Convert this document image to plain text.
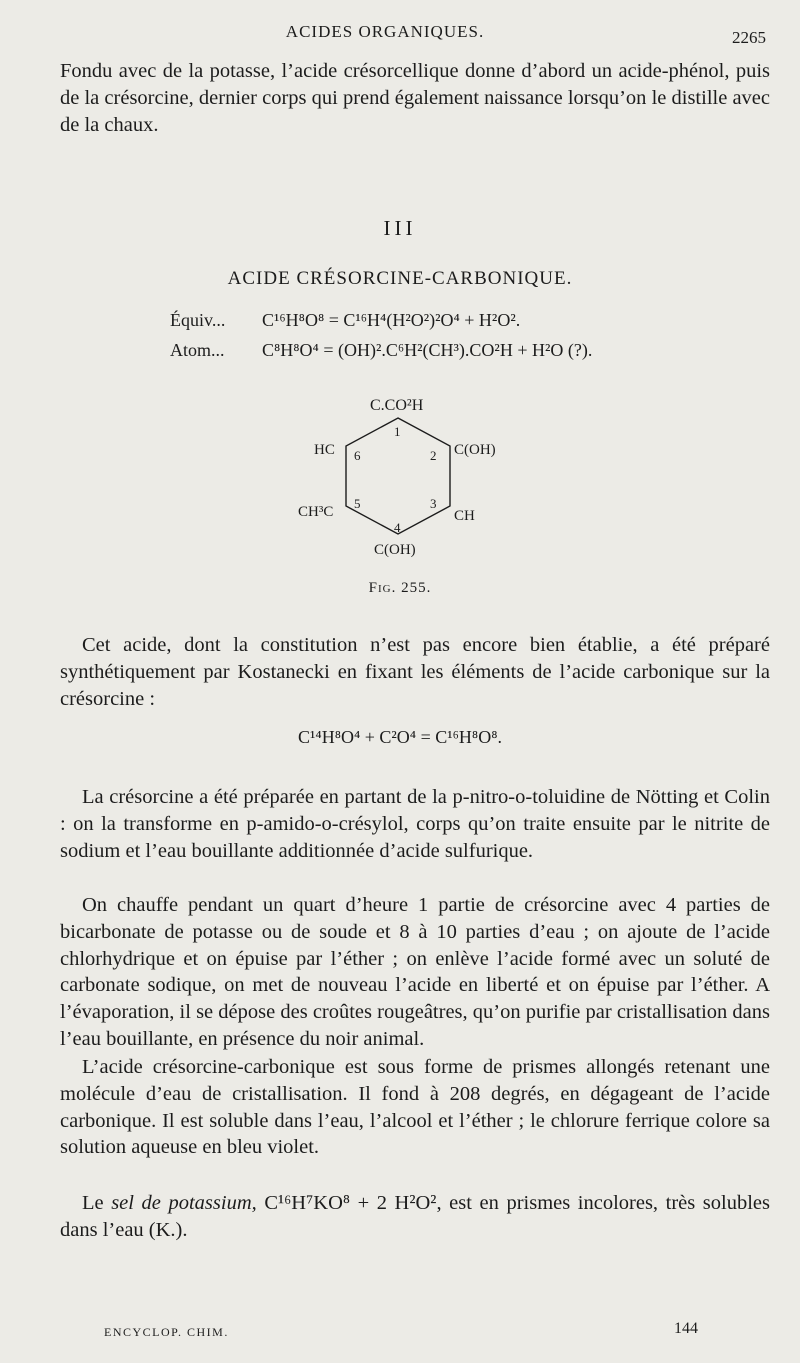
ACIDES ORGANIQUES.	2265

Fondu avec de la potasse, l’acide crésorcellique donne d’abord un acide-phénol, puis de la crésorcine, dernier corps qui prend également naissance lorsqu’on le distille avec de la chaux.

III

ACIDE CRÉSORCINE-CARBONIQUE.

Équiv... C¹⁶H⁸O⁸ = C¹⁶H⁴(H²O²)²O⁴ + H²O².
Atom... C⁸H⁸O⁴ = (OH)².C⁶H²(CH³).CO²H + H²O (?).
C.CO²H
C(OH)
HC
CH³C	CH
C(OH)
1
2
3
4
5
6

Fig. 255.

Cet acide, dont la constitution n’est pas encore bien établie, a été préparé synthétiquement par Kostanecki en fixant les éléments de l’acide carbonique sur la crésorcine :

C¹⁴H⁸O⁴ + C²O⁴ = C¹⁶H⁸O⁸.

La crésorcine a été préparée en partant de la p-nitro-o-toluidine de Nötting et Colin : on la transforme en p-amido-o-crésylol, corps qu’on traite ensuite par le nitrite de sodium et l’eau bouillante additionnée d’acide sulfurique.

On chauffe pendant un quart d’heure 1 partie de crésorcine avec 4 parties de bicarbonate de potasse ou de soude et 8 à 10 parties d’eau ; on ajoute de l’acide chlorhydrique et on épuise par l’éther ; on enlève l’acide formé avec un soluté de carbonate sodique, on met de nouveau l’acide en liberté et on épuise par l’éther. A l’évaporation, il se dépose des croûtes rougeâtres, qu’on purifie par cristallisation dans l’eau bouillante, en présence du noir animal.

L’acide crésorcine-carbonique est sous forme de prismes allongés retenant une molécule d’eau de cristallisation. Il fond à 208 degrés, en dégageant de l’acide carbonique. Il est soluble dans l’eau, l’alcool et l’éther ; le chlorure ferrique colore sa solution aqueuse en bleu violet.

Le sel de potassium, C¹⁶H⁷KO⁸ + 2 H²O², est en prismes incolores, très solubles dans l’eau (K.).

ENCYCLOP. CHIM.	144
